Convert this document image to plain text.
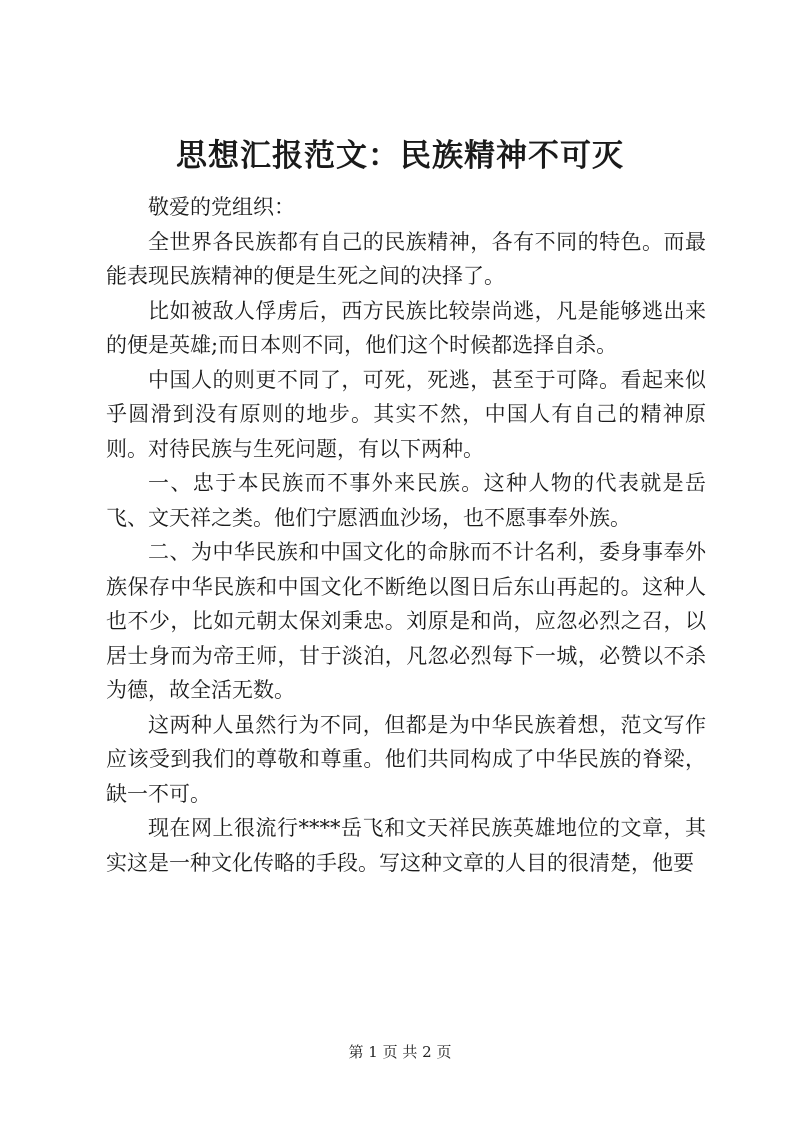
思想汇报范文：民族精神不可灭

敬爱的党组织：

全世界各民族都有自己的民族精神，各有不同的特色。而最能表现民族精神的便是生死之间的决择了。

比如被敌人俘虏后，西方民族比较崇尚逃，凡是能够逃出来的便是英雄;而日本则不同，他们这个时候都选择自杀。

中国人的则更不同了，可死，死逃，甚至于可降。看起来似乎圆滑到没有原则的地步。其实不然，中国人有自己的精神原则。对待民族与生死问题，有以下两种。

一、忠于本民族而不事外来民族。这种人物的代表就是岳飞、文天祥之类。他们宁愿洒血沙场，也不愿事奉外族。

二、为中华民族和中国文化的命脉而不计名利，委身事奉外族保存中华民族和中国文化不断绝以图日后东山再起的。这种人也不少，比如元朝太保刘秉忠。刘原是和尚，应忽必烈之召，以居士身而为帝王师，甘于淡泊，凡忽必烈每下一城，必赞以不杀为德，故全活无数。

这两种人虽然行为不同，但都是为中华民族着想，范文写作应该受到我们的尊敬和尊重。他们共同构成了中华民族的脊梁，缺一不可。

现在网上很流行****岳飞和文天祥民族英雄地位的文章，其实这是一种文化传略的手段。写这种文章的人目的很清楚，他要

第 1 页 共 2 页
